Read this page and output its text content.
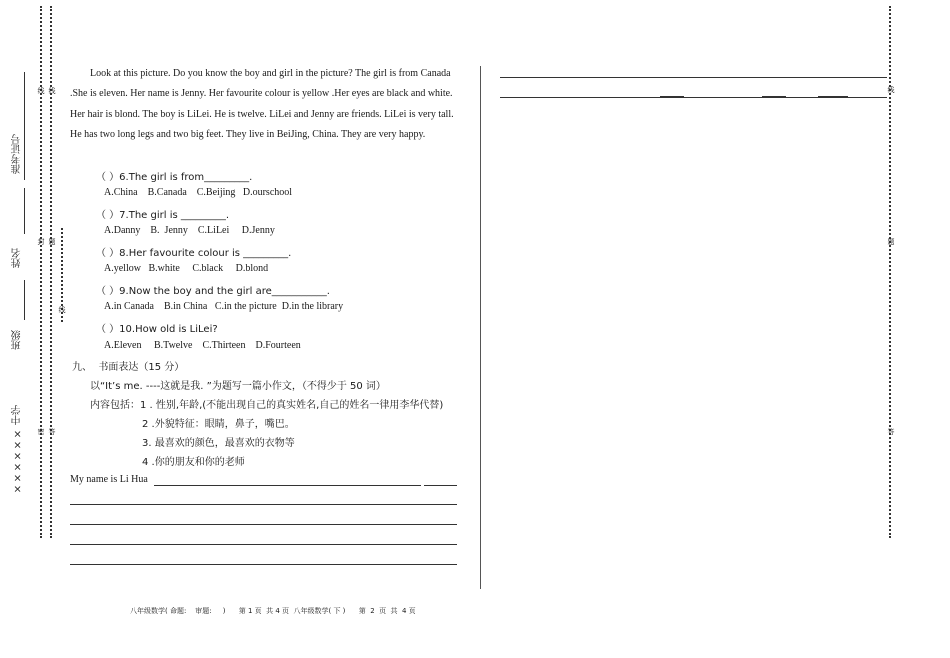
准考证号
姓名
班级
×××××× 中学
线 线
封 题
密 答
线
Look at this picture. Do you know the boy and girl in the picture? The girl is from Canada .She is eleven. Her name is Jenny. Her favourite colour is yellow .Her eyes are black and white. Her hair is blond. The boy is LiLei. He is twelve. LiLei and Jenny are friends. LiLei is very tall. He has two long legs and two big feet. They live in BeiJing, China. They are very happy.
（ ）6.The girl is from_________.
A.China    B.Canada    C.Beijing   D.ourschool
（ ）7.The girl is _________.
A.Danny    B.  Jenny    C.LiLei     D.Jenny
（ ）8.Her favourite colour is _________.
A.yellow   B.white     C.black     D.blond
（ ）9.Now the boy and the girl are___________.
A.in Canada    B.in China   C.in the picture  D.in the library
（ ）10.How old is LiLei?
A.Eleven     B.Twelve    C.Thirteen    D.Fourteen
九、  书面表达（15 分）
以“It’s me. ----这就是我. ”为题写一篇小作文，（不得少于 50 词）
内容包括：1 . 性别,年龄,(不能出现自己的真实姓名,自己的姓名一律用李华代替)
2 .外貌特征：眼睛，鼻子，嘴巴。
3. 最喜欢的颜色，最喜欢的衣物等
4 .你的朋友和你的老师
My name is Li Hua
线
题
答
八年级数学( 命题:    审题:     )      第 1 页  共 4 页  八年级数学( 下 )      第  2  页  共  4 页
